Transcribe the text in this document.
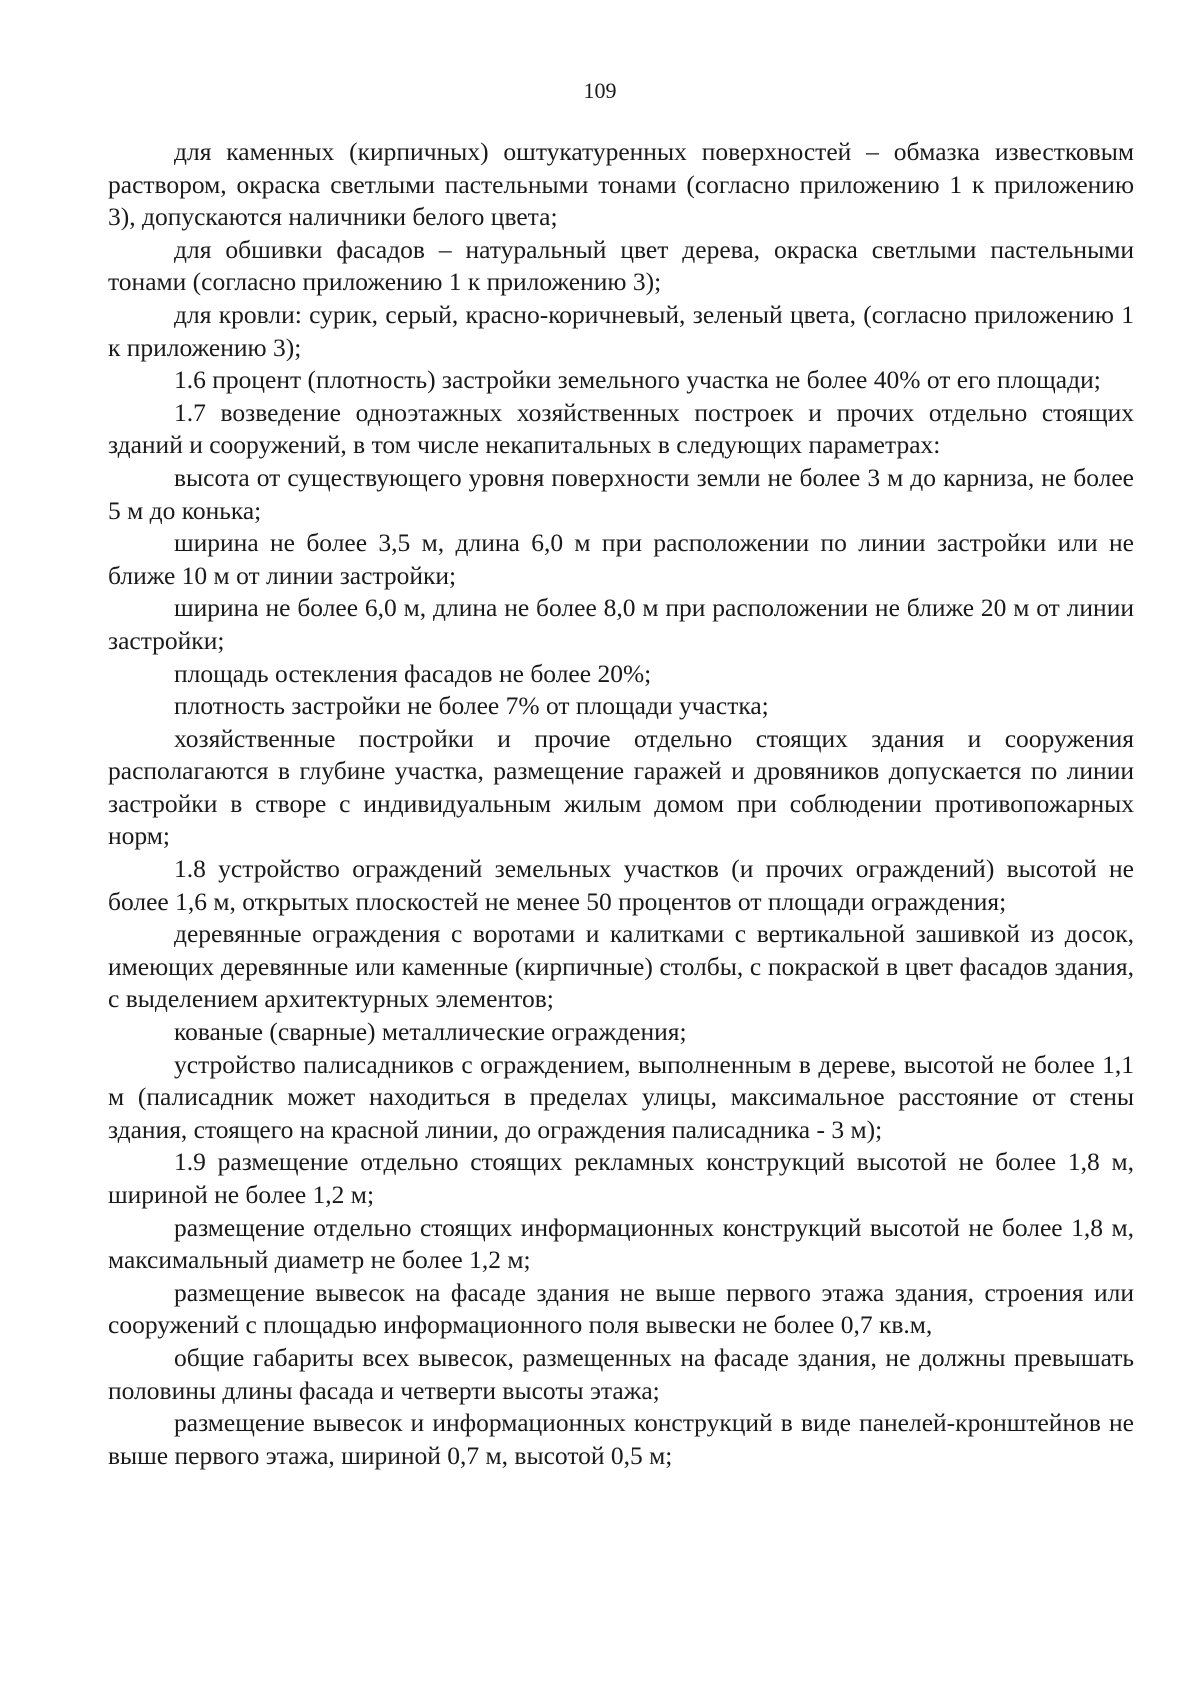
109

для каменных (кирпичных) оштукатуренных поверхностей – обмазка известковым раствором, окраска светлыми пастельными тонами (согласно приложению 1 к приложению 3), допускаются наличники белого цвета;

для обшивки фасадов – натуральный цвет дерева, окраска светлыми пастельными тонами (согласно приложению 1 к приложению 3);

для кровли: сурик, серый, красно-коричневый, зеленый цвета, (согласно приложению 1 к приложению 3);

1.6 процент (плотность) застройки земельного участка не более 40% от его площади;

1.7 возведение одноэтажных хозяйственных построек и прочих отдельно стоящих зданий и сооружений, в том числе некапитальных в следующих параметрах:

высота от существующего уровня поверхности земли не более 3 м до карниза, не более 5 м до конька;

ширина не более 3,5 м, длина 6,0 м при расположении по линии застройки или не ближе 10 м от линии застройки;

ширина не более 6,0 м, длина не более 8,0 м при расположении не ближе 20 м от линии застройки;

площадь остекления фасадов не более 20%;

плотность застройки не более 7% от площади участка;

хозяйственные постройки и прочие отдельно стоящих здания и сооружения располагаются в глубине участка, размещение гаражей и дровяников допускается по линии застройки в створе с индивидуальным жилым домом при соблюдении противопожарных норм;

1.8 устройство ограждений земельных участков (и прочих ограждений) высотой не более 1,6 м, открытых плоскостей не менее 50 процентов от площади ограждения;

деревянные ограждения с воротами и калитками с вертикальной зашивкой из досок, имеющих деревянные или каменные (кирпичные) столбы, с покраской в цвет фасадов здания, с выделением архитектурных элементов;

кованые (сварные) металлические ограждения;

устройство палисадников с ограждением, выполненным в дереве, высотой не более 1,1 м (палисадник может находиться в пределах улицы, максимальное расстояние от стены здания, стоящего на красной линии, до ограждения палисадника - 3 м);

1.9 размещение отдельно стоящих рекламных конструкций высотой не более 1,8 м, шириной не более 1,2 м;

размещение отдельно стоящих информационных конструкций высотой не более 1,8 м, максимальный диаметр не более 1,2 м;

размещение вывесок на фасаде здания не выше первого этажа здания, строения или сооружений с площадью информационного поля вывески не более 0,7 кв.м,

общие габариты всех вывесок, размещенных на фасаде здания, не должны превышать половины длины фасада и четверти высоты этажа;

размещение вывесок и информационных конструкций в виде панелей-кронштейнов не выше первого этажа, шириной 0,7 м, высотой 0,5 м;
